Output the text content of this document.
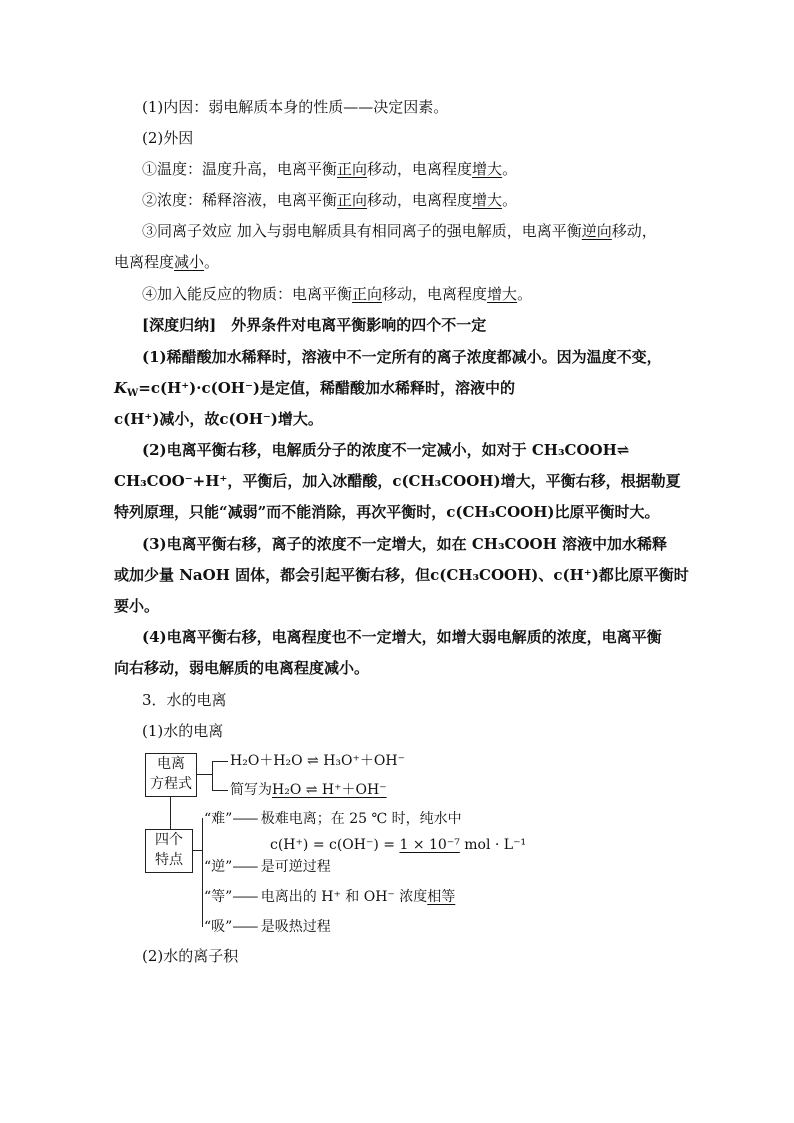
(1)内因：弱电解质本身的性质——决定因素。
(2)外因
①温度：温度升高，电离平衡正向移动，电离程度增大。
②浓度：稀释溶液，电离平衡正向移动，电离程度增大。
③同离子效应 加入与弱电解质具有相同离子的强电解质，电离平衡逆向移动，
电离程度减小。
④加入能反应的物质：电离平衡正向移动，电离程度增大。
[深度归纳]　外界条件对电离平衡影响的四个不一定
(1)稀醋酸加水稀释时，溶液中不一定所有的离子浓度都减小。因为温度不变，
$K_W=c(H^+)\cdot c(OH^-)$是定值，稀醋酸加水稀释时，溶液中的
c(H⁺)减小，故c(OH⁻)增大。
(2)电离平衡右移，电解质分子的浓度不一定减小，如对于 CH₃COOH⇌
CH₃COO⁻+H⁺，平衡后，加入冰醋酸，c(CH₃COOH)增大，平衡右移，根据勒夏
特列原理，只能“减弱”而不能消除，再次平衡时，c(CH₃COOH)比原平衡时大。
(3)电离平衡右移，离子的浓度不一定增大，如在 CH₃COOH 溶液中加水稀释
或加少量 NaOH 固体，都会引起平衡右移，但c(CH₃COOH)、c(H⁺)都比原平衡时
要小。
(4)电离平衡右移，电离程度也不一定增大，如增大弱电解质的浓度，电离平衡
向右移动，弱电解质的电离程度减小。
3．水的电离
(1)水的电离
电离
方程式
H₂O＋H₂O ⇌ H₃O⁺＋OH⁻
简写为H₂O ⇌ H⁺＋OH⁻
四个
特点
“难”—— 极难电离；在 25 ℃ 时，纯水中
c(H⁺) = c(OH⁻) = 1 × 10⁻⁷ mol · L⁻¹
“逆”—— 是可逆过程
“等”—— 电离出的 H⁺ 和 OH⁻ 浓度相等
“吸”—— 是吸热过程
(2)水的离子积
